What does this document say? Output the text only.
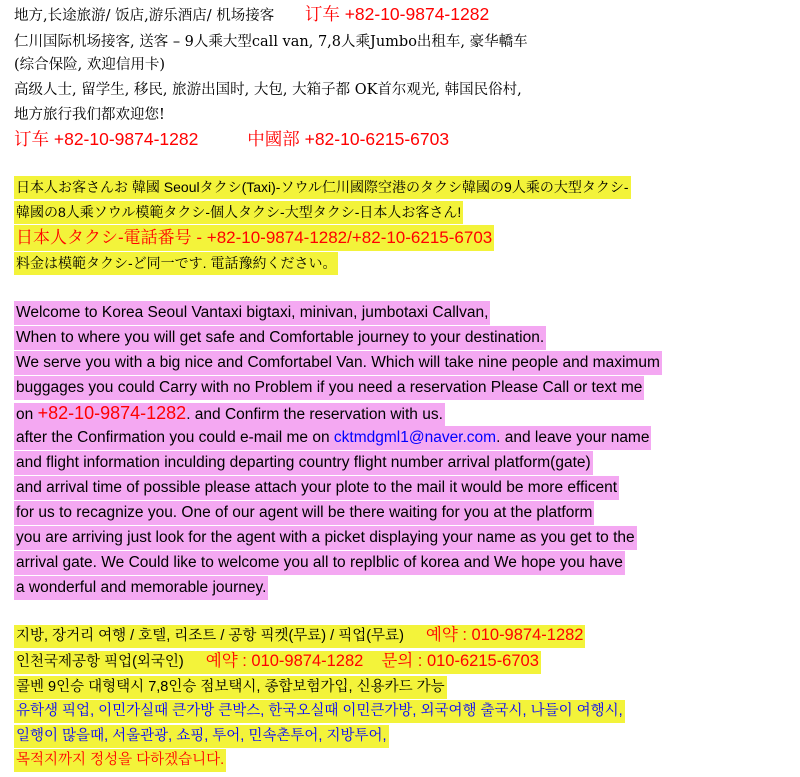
地方,长途旅游/ 饭店,游乐酒店/ 机场接客 订车 +82-10-9874-1282
仁川国际机场接客, 送客 – 9人乘大型call van, 7,8人乘Jumbo出租车, 豪华轎车
(综合保险, 欢迎信用卡)
高级人士, 留学生, 移民, 旅游出国时, 大包, 大箱子都 OK首尔观光, 韩国民俗村,
地方旅行我们都欢迎您!
订车 +82-10-9874-1282	中國部 +82-10-6215-6703
日本人お客さんお 韓國 Seoulタクシ(Taxi)-ソウル仁川國際空港のタクシ韓國の9人乘の大型タクシ-
韓國の8人乘ソウル模範タクシ-個人タクシ-大型タクシ-日本人お客さん!
日本人タクシ-電話番号 - +82-10-9874-1282/+82-10-6215-6703
料金は模範タクシ-ど同一です. 電話豫約ください。
Welcome to Korea Seoul Vantaxi bigtaxi, minivan, jumbotaxi Callvan,
When to where you will get safe and Comfortable journey to your destination.
We serve you with a big nice and Comfortabel Van. Which will take nine people and maximum
buggages you could Carry with no Problem if you need a reservation Please Call or text me
on +82-10-9874-1282. and Confirm the reservation with us.
after the Confirmation you could e-mail me on cktmdgml1@naver.com. and leave your name
and flight information inculding departing country flight number arrival platform(gate)
and arrival time of possible please attach your plote to the mail it would be more efficent
for us to recagnize you. One of our agent will be there waiting for you at the platform
you are arriving just look for the agent with a picket displaying your name as you get to the
arrival gate. We Could like to welcome you all to replblic of korea and We hope you have
a wonderful and memorable journey.
지방, 장거리 여행 / 호텔, 리조트 / 공항 픽켓(무료) / 픽업(무료) 예약 : 010-9874-1282
인천국제공항 픽업(외국인) 예약 : 010-9874-1282 문의 : 010-6215-6703
콜벤 9인승 대형택시 7,8인승 점보택시, 종합보험가입, 신용카드 가능
유학생 픽업, 이민가실때 큰가방 큰박스, 한국오실때 이민큰가방, 외국여행 출국시, 나들이 여행시,
일행이 많을때, 서울관광, 쇼핑, 투어, 민속촌투어, 지방투어,
목적지까지 정성을 다하겠습니다.
